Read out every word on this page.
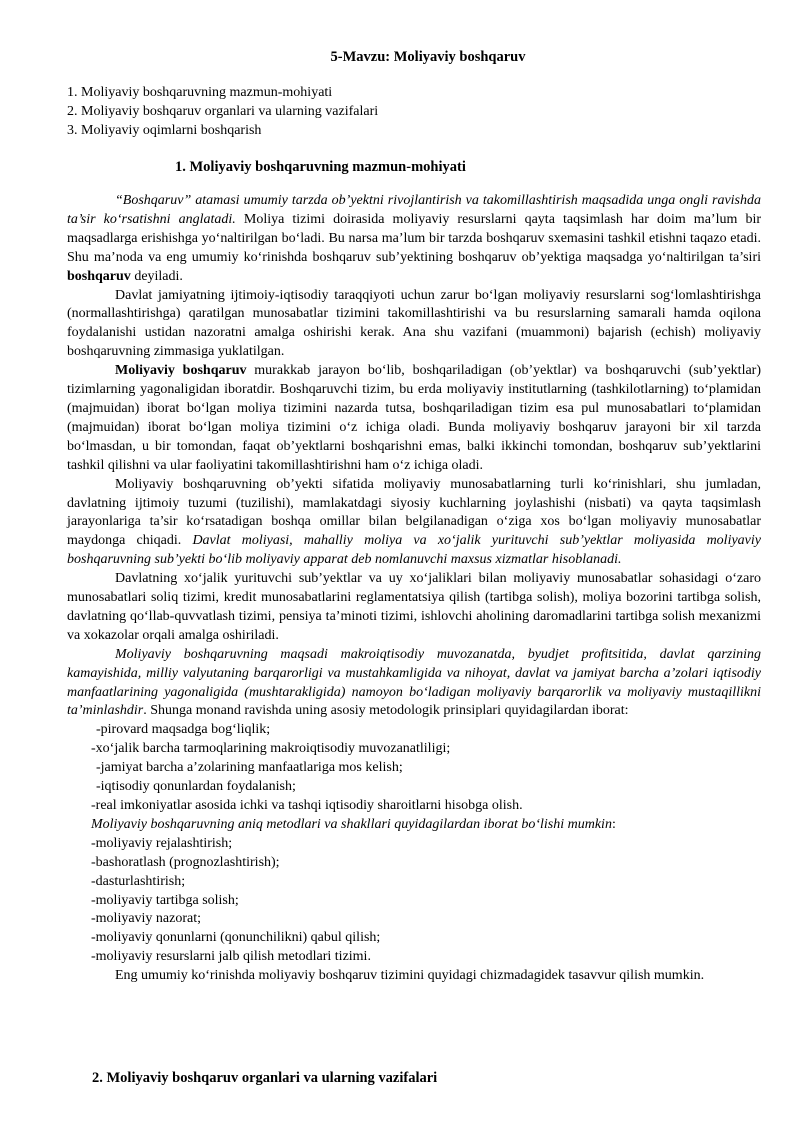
5-Mavzu: Moliyaviy boshqaruv
1. Moliyaviy boshqaruvning mazmun-mohiyati
2. Moliyaviy boshqaruv organlari va ularning vazifalari
3. Moliyaviy oqimlarni boshqarish
1. Moliyaviy boshqaruvning mazmun-mohiyati

“Boshqaruv” atamasi umumiy tarzda ob’yektni rivojlantirish va takomillashtirish maqsadida unga ongli ravishda ta’sir ko‘rsatishni anglatadi. Moliya tizimi doirasida moliyaviy resurslarni qayta taqsimlash har doim ma’lum bir maqsadlarga erishishga yo‘naltirilgan bo‘ladi. Bu narsa ma’lum bir tarzda boshqaruv sxemasini tashkil etishni taqazo etadi. Shu ma’noda va eng umumiy ko‘rinishda boshqaruv sub’yektining boshqaruv ob’yektiga maqsadga yo‘naltirilgan ta’siri boshqaruv deyiladi.

Davlat jamiyatning ijtimoiy-iqtisodiy taraqqiyoti uchun zarur bo‘lgan moliyaviy resurslarni sog‘lomlashtirishga (normallashtirishga) qaratilgan munosabatlar tizimini takomillashtirishi va bu resurslarning samarali hamda oqilona foydalanishi ustidan nazoratni amalga oshirishi kerak. Ana shu vazifani (muammoni) bajarish (echish) moliyaviy boshqaruvning zimmasiga yuklatilgan.

Moliyaviy boshqaruv murakkab jarayon bo‘lib, boshqariladigan (ob’yektlar) va boshqaruvchi (sub’yektlar) tizimlarning yagonaligidan iboratdir. Boshqaruvchi tizim, bu erda moliyaviy institutlarning (tashkilotlarning) to‘plamidan (majmuidan) iborat bo‘lgan moliya tizimini nazarda tutsa, boshqariladigan tizim esa pul munosabatlari to‘plamidan (majmuidan) iborat bo‘lgan moliya tizimini o‘z ichiga oladi. Bunda moliyaviy boshqaruv jarayoni bir xil tarzda bo‘lmasdan, u bir tomondan, faqat ob’yektlarni boshqarishni emas, balki ikkinchi tomondan, boshqaruv sub’yektlarini tashkil qilishni va ular faoliyatini takomillashtirishni ham o‘z ichiga oladi.

Moliyaviy boshqaruvning ob’yekti sifatida moliyaviy munosabatlarning turli ko‘rinishlari, shu jumladan, davlatning ijtimoiy tuzumi (tuzilishi), mamlakatdagi siyosiy kuchlarning joylashishi (nisbati) va qayta taqsimlash jarayonlariga ta’sir ko‘rsatadigan boshqa omillar bilan belgilanadigan o‘ziga xos bo‘lgan moliyaviy munosabatlar maydonga chiqadi. Davlat moliyasi, mahalliy moliya va xo‘jalik yurituvchi sub’yektlar moliyasida moliyaviy boshqaruvning sub’yekti bo‘lib moliyaviy apparat deb nomlanuvchi maxsus xizmatlar hisoblanadi.

Davlatning xo‘jalik yurituvchi sub’yektlar va uy xo‘jaliklari bilan moliyaviy munosabatlar sohasidagi o‘zaro munosabatlari soliq tizimi, kredit munosabatlarini reglamentatsiya qilish (tartibga solish), moliya bozorini tartibga solish, davlatning qo‘llab-quvvatlash tizimi, pensiya ta’minoti tizimi, ishlovchi aholining daromadlarini tartibga solish mexanizmi va xokazolar orqali amalga oshiriladi.

Moliyaviy boshqaruvning maqsadi makroiqtisodiy muvozanatda, byudjet profitsitida, davlat qarzining kamayishida, milliy valyutaning barqarorligi va mustahkamligida va nihoyat, davlat va jamiyat barcha a’zolari iqtisodiy manfaatlarining yagonaligida (mushtarakligida) namoyon bo‘ladigan moliyaviy barqarorlik va moliyaviy mustaqillikni ta’minlashdir. Shunga monand ravishda uning asosiy metodologik prinsiplari quyidagilardan iborat:

-pirovard maqsadga bog‘liqlik;
-xo‘jalik barcha tarmoqlarining makroiqtisodiy muvozanatliligi;
-jamiyat barcha a’zolarining manfaatlariga mos kelish;
-iqtisodiy qonunlardan foydalanish;
-real imkoniyatlar asosida ichki va tashqi iqtisodiy sharoitlarni hisobga olish.
Moliyaviy boshqaruvning aniq metodlari va shakllari quyidagilardan iborat bo‘lishi mumkin:
-moliyaviy rejalashtirish;
-bashoratlash (prognozlashtirish);
-dasturlashtirish;
-moliyaviy tartibga solish;
-moliyaviy nazorat;
-moliyaviy qonunlarni (qonunchilikni) qabul qilish;
-moliyaviy resurslarni jalb qilish metodlari tizimi.

Eng umumiy ko‘rinishda moliyaviy boshqaruv tizimini quyidagi chizmadagidek tasavvur qilish mumkin.

2. Moliyaviy boshqaruv organlari va ularning vazifalari
